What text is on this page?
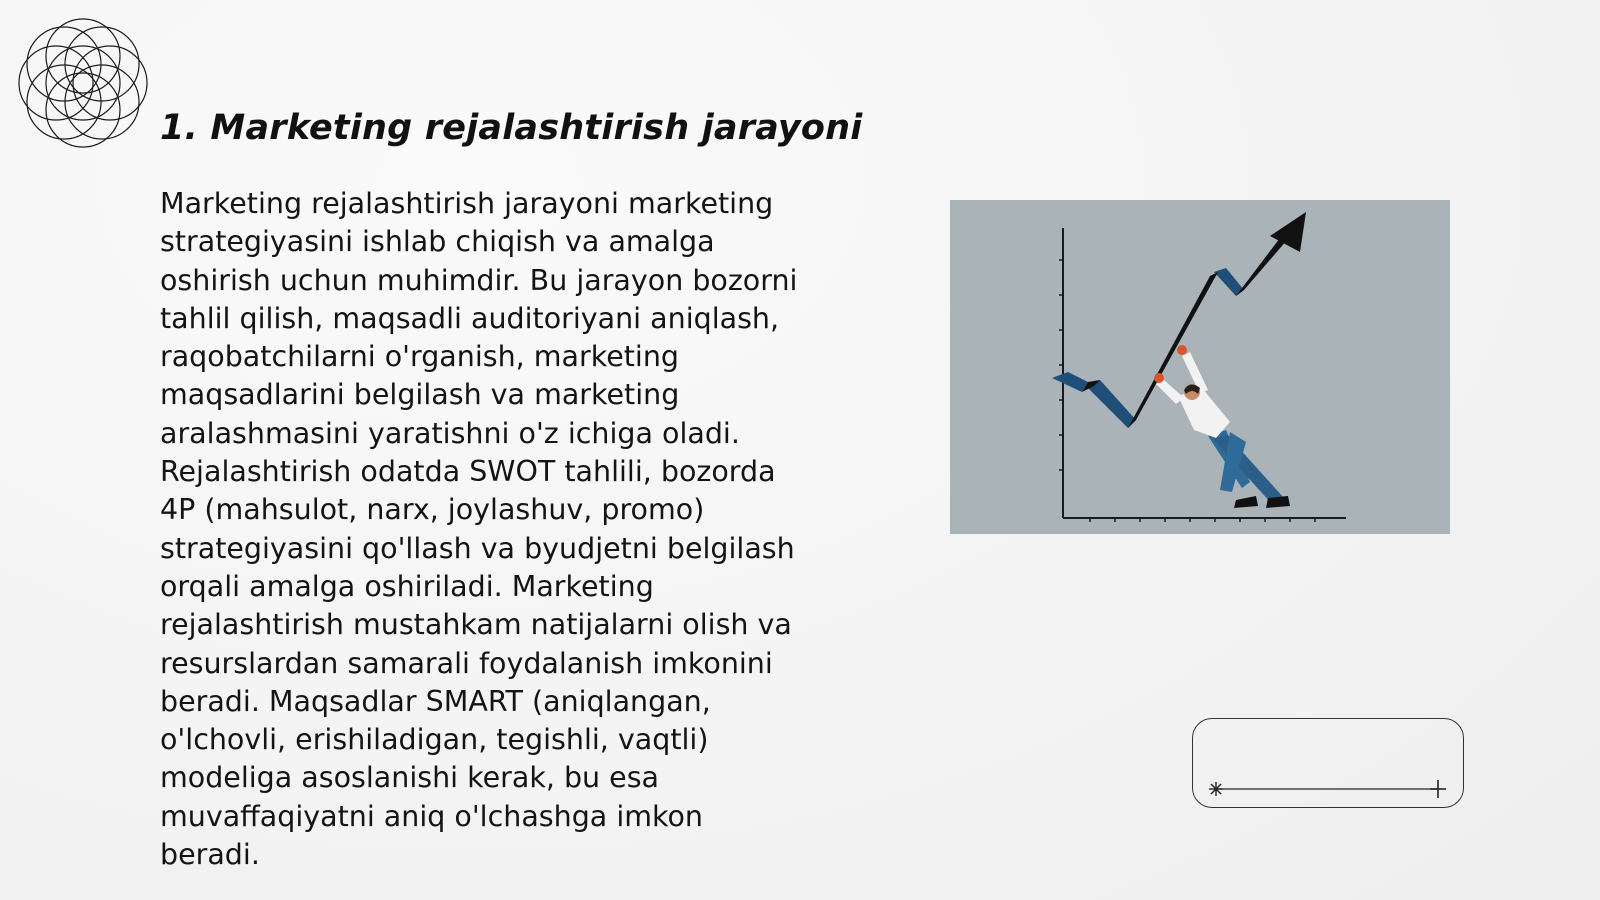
1. Marketing rejalashtirish jarayoni
Marketing rejalashtirish jarayoni marketing
strategiyasini ishlab chiqish va amalga
oshirish uchun muhimdir. Bu jarayon bozorni
tahlil qilish, maqsadli auditoriyani aniqlash,
raqobatchilarni o'rganish, marketing
maqsadlarini belgilash va marketing
aralashmasini yaratishni o'z ichiga oladi.
Rejalashtirish odatda SWOT tahlili, bozorda
4P (mahsulot, narx, joylashuv, promo)
strategiyasini qo'llash va byudjetni belgilash
orqali amalga oshiriladi. Marketing
rejalashtirish mustahkam natijalarni olish va
resurslardan samarali foydalanish imkonini
beradi. Maqsadlar SMART (aniqlangan,
o'lchovli, erishiladigan, tegishli, vaqtli)
modeliga asoslanishi kerak, bu esa
muvaffaqiyatni aniq o'lchashga imkon
beradi.
